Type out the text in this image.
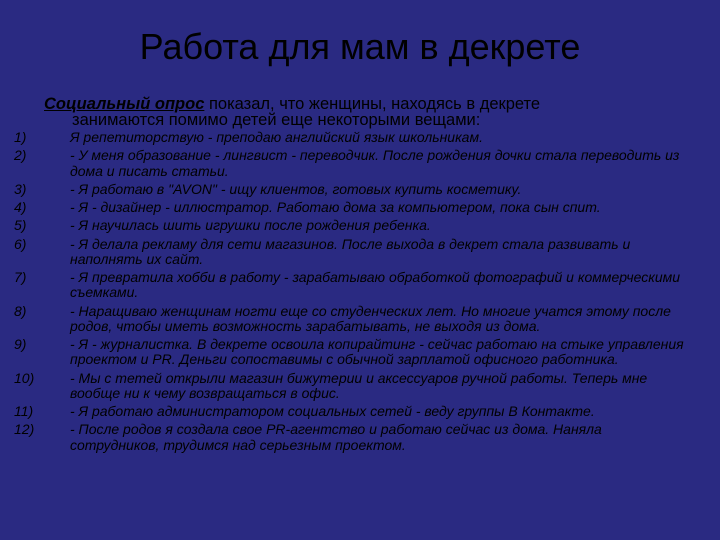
Работа для мам в декрете
Социальный опрос показал, что женщины, находясь в декрете
занимаются помимо детей еще некоторыми вещами:
1)	Я репетиторствую - преподаю английский язык школьникам.
2)	- У меня образование - лингвист - переводчик. После рождения дочки стала переводить из дома и писать статьи.
3)	- Я работаю в "AVON" - ищу клиентов, готовых купить косметику.
4)	- Я - дизайнер - иллюстратор. Работаю дома за компьютером, пока сын спит.
5)	- Я научилась шить игрушки после рождения ребенка.
6)	- Я делала рекламу для сети магазинов. После выхода в декрет стала развивать и наполнять их сайт.
7)	- Я превратила хобби в работу - зарабатываю обработкой фотографий и коммерческими съемками.
8)	- Наращиваю женщинам ногти еще со студенческих лет. Но многие учатся этому после родов, чтобы иметь возможность зарабатывать, не выходя из дома.
9)	- Я - журналистка. В декрете освоила копирайтинг - сейчас работаю на стыке управления проектом и PR. Деньги сопоставимы с обычной зарплатой офисного работника.
10)	- Мы с тетей открыли магазин бижутерии и аксессуаров ручной работы. Теперь мне вообще ни к чему возвращаться в офис.
11)	- Я работаю администратором социальных сетей - веду группы В Контакте.
12)	- После родов я создала свое PR-агентство и работаю сейчас из дома. Наняла сотрудников, трудимся над серьезным проектом.
